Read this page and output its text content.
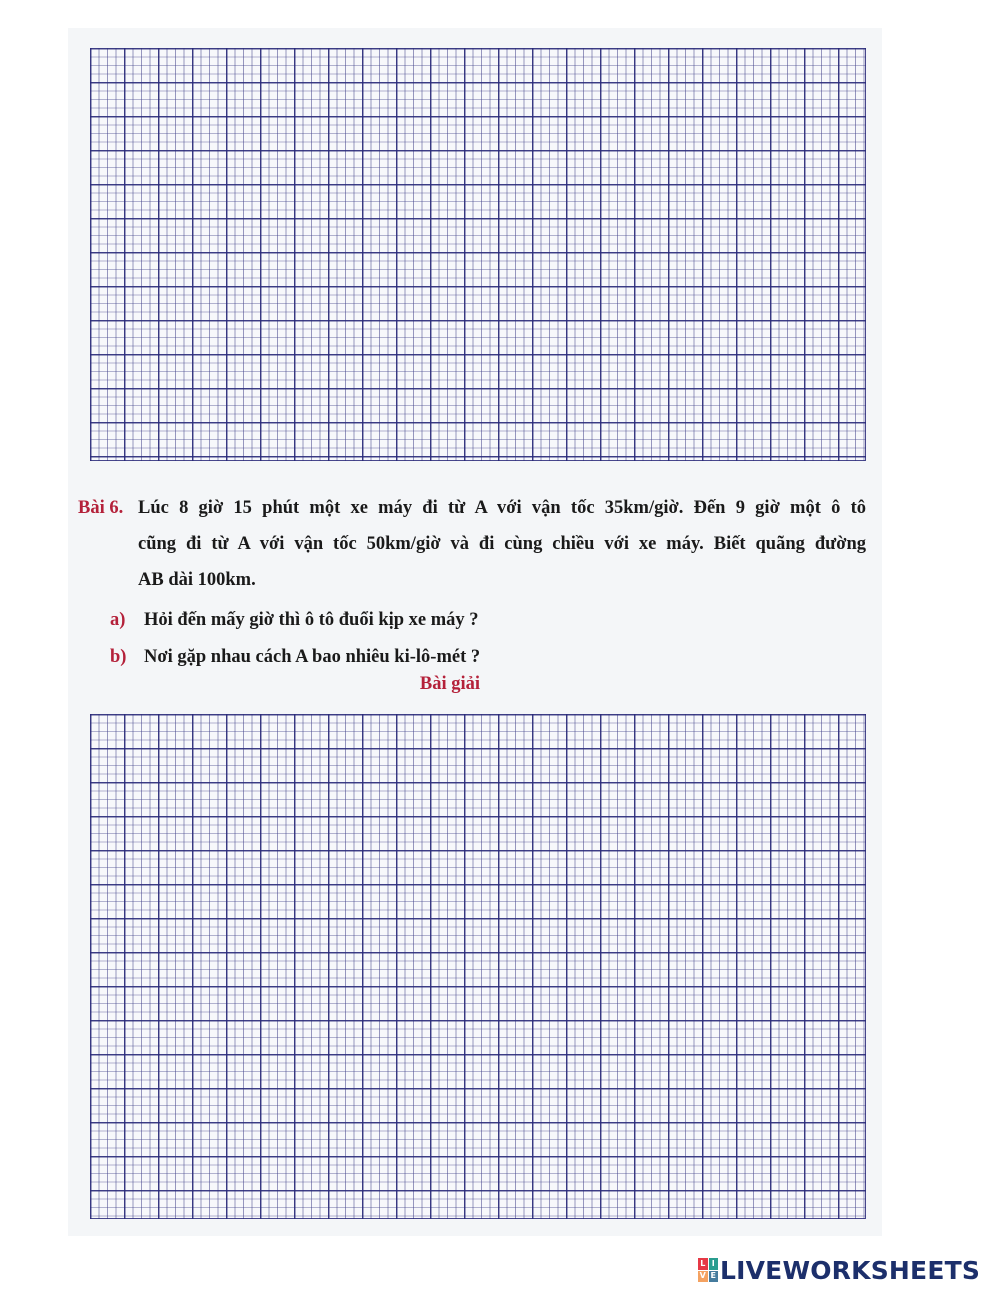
Bài 6. Lúc 8 giờ 15 phút một xe máy đi từ A với vận tốc 35km/giờ. Đến 9 giờ một ô tô
cũng đi từ A với vận tốc 50km/giờ và đi cùng chiều với xe máy. Biết quãng đường
AB dài 100km.
a) Hỏi đến mấy giờ thì ô tô đuổi kịp xe máy ?
b) Nơi gặp nhau cách A bao nhiêu ki-lô-mét ?
Bài giải
L I
V E LIVEWORKSHEETS
